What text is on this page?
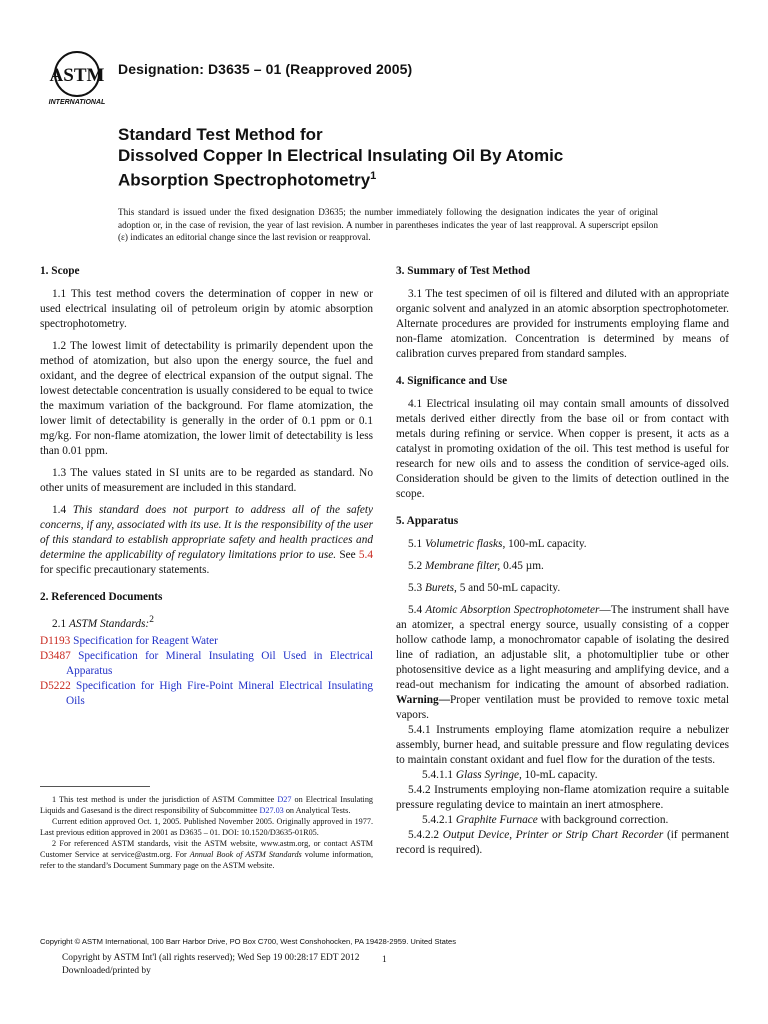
ASTM
INTERNATIONAL
Designation: D3635 – 01 (Reapproved 2005)
Standard Test Method for
Dissolved Copper In Electrical Insulating Oil By Atomic
Absorption Spectrophotometry$^1$
This standard is issued under the fixed designation D3635; the number immediately following the designation indicates the year of original adoption or, in the case of revision, the year of last revision. A number in parentheses indicates the year of last reapproval. A superscript epsilon (ε) indicates an editorial change since the last revision or reapproval.
1. Scope

1.1 This test method covers the determination of copper in new or used electrical insulating oil of petroleum origin by atomic absorption spectrophotometry.

1.2 The lowest limit of detectability is primarily dependent upon the method of atomization, but also upon the energy source, the fuel and oxidant, and the degree of electrical expansion of the output signal. The lowest detectable concentration is usually considered to be equal to twice the maximum variation of the background. For flame atomization, the lower limit of detectability is generally in the order of 0.1 ppm or 0.1 mg/kg. For non-flame atomization, the lower limit of detectability is less than 0.01 ppm.

1.3 The values stated in SI units are to be regarded as standard. No other units of measurement are included in this standard.

1.4 This standard does not purport to address all of the safety concerns, if any, associated with its use. It is the responsibility of the user of this standard to establish appropriate safety and health practices and determine the applicability of regulatory limitations prior to use. See 5.4 for specific precautionary statements.

2. Referenced Documents

2.1 ASTM Standards:$^2$

D1193 Specification for Reagent Water
D3487 Specification for Mineral Insulating Oil Used in Electrical Apparatus
D5222 Specification for High Fire-Point Mineral Electrical Insulating Oils

1 This test method is under the jurisdiction of ASTM Committee D27 on Electrical Insulating Liquids and Gasesand is the direct responsibility of Subcommittee D27.03 on Analytical Tests.

Current edition approved Oct. 1, 2005. Published November 2005. Originally approved in 1977. Last previous edition approved in 2001 as D3635 – 01. DOI: 10.1520/D3635-01R05.

2 For referenced ASTM standards, visit the ASTM website, www.astm.org, or contact ASTM Customer Service at service@astm.org. For Annual Book of ASTM Standards volume information, refer to the standard’s Document Summary page on the ASTM website.

3. Summary of Test Method

3.1 The test specimen of oil is filtered and diluted with an appropriate organic solvent and analyzed in an atomic absorption spectrophotometer. Alternate procedures are provided for instruments employing flame and non-flame atomization. Concentration is determined by means of calibration curves prepared from standard samples.

4. Significance and Use

4.1 Electrical insulating oil may contain small amounts of dissolved metals derived either directly from the base oil or from contact with metals during refining or service. When copper is present, it acts as a catalyst in promoting oxidation of the oil. This test method is useful for research for new oils and to assess the condition of service-aged oils. Consideration should be given to the limits of detection outlined in the scope.

5. Apparatus

5.1 Volumetric flasks, 100-mL capacity.

5.2 Membrane filter, 0.45 µm.

5.3 Burets, 5 and 50-mL capacity.

5.4 Atomic Absorption Spectrophotometer—The instrument shall have an atomizer, a spectral energy source, usually consisting of a copper hollow cathode lamp, a monochromator capable of isolating the desired line of radiation, an adjustable slit, a photomultiplier tube or other photosensitive device as a light measuring and amplifying device, and a read-out mechanism for indicating the amount of absorbed radiation. Warning—Proper ventilation must be provided to remove toxic metal vapors.

5.4.1 Instruments employing flame atomization require a nebulizer assembly, burner head, and suitable pressure and flow regulating devices to maintain constant oxidant and fuel flow for the duration of the tests.

5.4.1.1 Glass Syringe, 10-mL capacity.

5.4.2 Instruments employing non-flame atomization require a suitable pressure regulating device to maintain an inert atmosphere.

5.4.2.1 Graphite Furnace with background correction.

5.4.2.2 Output Device, Printer or Strip Chart Recorder (if permanent record is required).

Copyright © ASTM International, 100 Barr Harbor Drive, PO Box C700, West Conshohocken, PA 19428-2959. United States
Copyright by ASTM Int'l (all rights reserved); Wed Sep 19 00:28:17 EDT 2012
Downloaded/printed by
1
